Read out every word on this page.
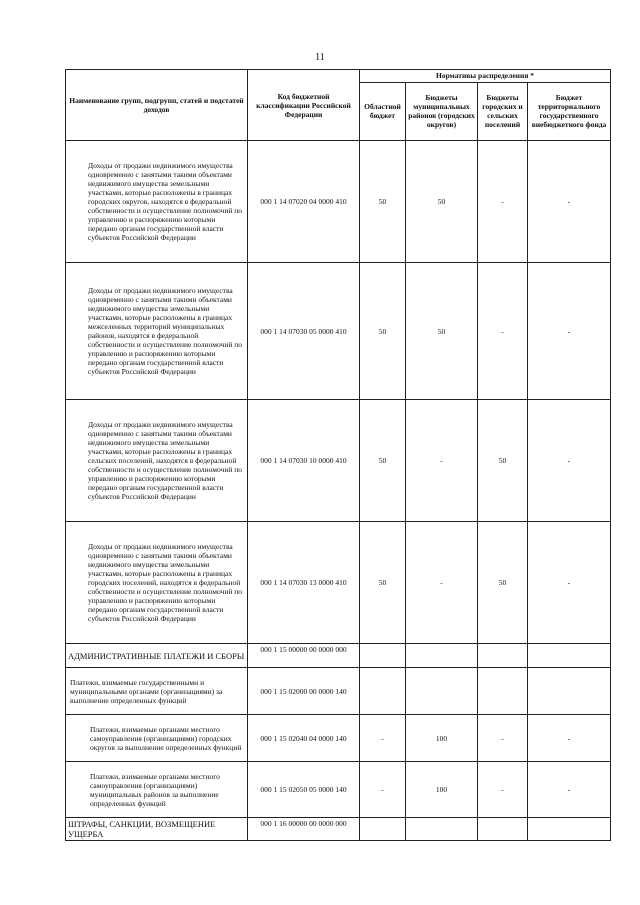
11
Наименование групп, подгрупп, статей и подстатей доходов	Код бюджетной классификации Российской Федерации	Нормативы распределения *			
		Областной бюджет	Бюджеты муниципальных районов (городских округов)	Бюджеты городских и сельских поселений	Бюджет территориального государственного внебюджетного фонда
Доходы от продажи недвижимого имущества одновременно с занятыми такими объектами недвижимого имущества земельными участками, которые расположены в границах городских округов, находятся в федеральной собственности и осуществление полномочий по управлению и распоряжению которыми передано органам государственной власти субъектов Российской Федерации	000 1 14 07020 04 0000 410	50	50	-	-
Доходы от продажи недвижимого имущества одновременно с занятыми такими объектами недвижимого имущества земельными участками, которые расположены в границах межселенных территорий муниципальных районов, находятся в федеральной собственности и осуществление полномочий по управлению и распоряжению которыми передано органам государственной власти субъектов Российской Федерации	000 1 14 07030 05 0000 410	50	50	-	-
Доходы от продажи недвижимого имущества одновременно с занятыми такими объектами недвижимого имущества земельными участками, которые расположены в границах сельских поселений, находятся в федеральной собственности и осуществление полномочий по управлению и распоряжению которыми передано органам государственной власти субъектов Российской Федерации	000 1 14 07030 10 0000 410	50	-	50	-
Доходы от продажи недвижимого имущества одновременно с занятыми такими объектами недвижимого имущества земельными участками, которые расположены в границах городских поселений, находятся в федеральной собственности и осуществление полномочий по управлению и распоряжению которыми передано органам государственной власти субъектов Российской Федерации	000 1 14 07030 13 0000 410	50	-	50	-
АДМИНИСТРАТИВНЫЕ ПЛАТЕЖИ И СБОРЫ	000 1 15 00000 00 0000 000				
Платежи, взимаемые государственными и муниципальными органами (организациями) за выполнение определенных функций	000 1 15 02000 00 0000 140				
Платежи, взимаемые органами местного самоуправления (организациями) городских округов за выполнение определенных функций	000 1 15 02040 04 0000 140	-	100	-	-
Платежи, взимаемые органами местного самоуправления (организациями) муниципальных районов за выполнение определенных функций	000 1 15 02050 05 0000 140	-	100	-	-
ШТРАФЫ, САНКЦИИ, ВОЗМЕЩЕНИЕ УЩЕРБА	000 1 16 00000 00 0000 000				
